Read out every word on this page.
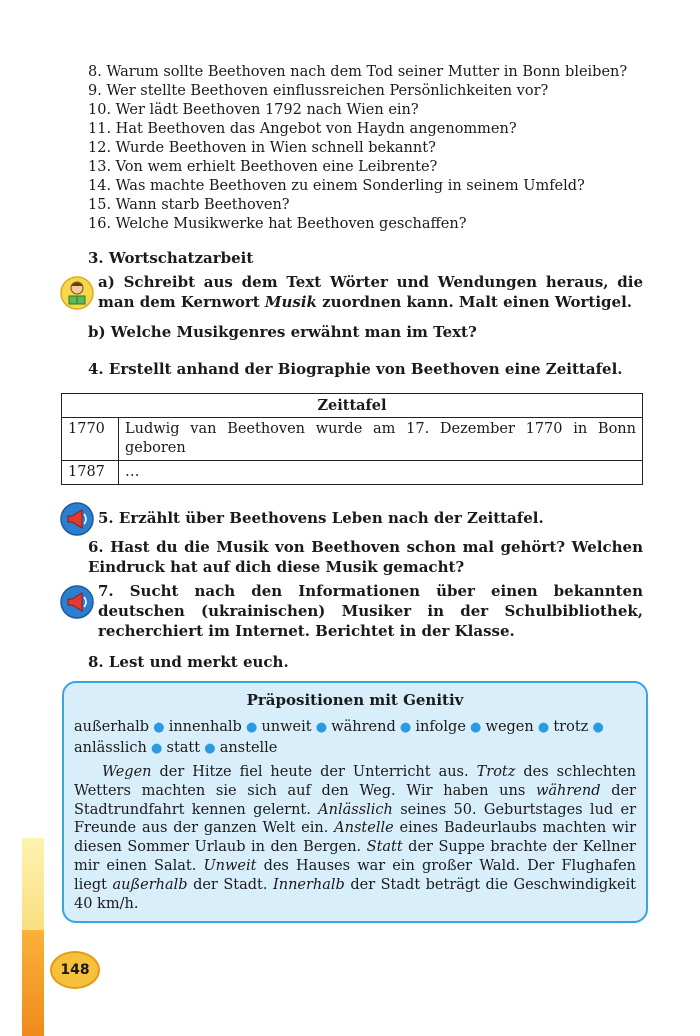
8. Warum sollte Beethoven nach dem Tod seiner Mutter in Bonn bleiben?
9. Wer stellte Beethoven einflussreichen Persönlichkeiten vor?
10. Wer lädt Beethoven 1792 nach Wien ein?
11. Hat Beethoven das Angebot von Haydn angenommen?
12. Wurde Beethoven in Wien schnell bekannt?
13. Von wem erhielt Beethoven eine Leibrente?
14. Was machte Beethoven zu einem Sonderling in seinem Umfeld?
15. Wann starb Beethoven?
16. Welche Musikwerke hat Beethoven geschaffen?
3. Wortschatzarbeit
a) Schreibt aus dem Text Wörter und Wendungen heraus, die man dem Kernwort Musik zuordnen kann. Malt einen Wortigel.
b) Welche Musikgenres erwähnt man im Text?
4. Erstellt anhand der Biographie von Beethoven eine Zeittafel.
Zeittafel	
1770	Ludwig van Beethoven wurde am 17. Dezember 1770 in Bonn geboren
1787	…
5. Erzählt über Beethovens Leben nach der Zeittafel.
6. Hast du die Musik von Beethoven schon mal gehört? Welchen Eindruck hat auf dich diese Musik gemacht?
7. Sucht nach den Informationen über einen bekannten deutschen (ukrainischen) Musiker in der Schulbibliothek, recherchiert im Internet. Berichtet in der Klasse.
8. Lest und merkt euch.
Präpositionen mit Genitiv
außerhalb ● innenhalb ● unweit ● während ● infolge ● wegen ● trotz ● anlässlich ● statt ● anstelle
Wegen der Hitze fiel heute der Unterricht aus. Trotz des schlechten Wetters machten sie sich auf den Weg. Wir haben uns während der Stadtrundfahrt kennen gelernt. Anlässlich seines 50. Geburtstages lud er Freunde aus der ganzen Welt ein. Anstelle eines Badeurlaubs machten wir diesen Sommer Urlaub in den Bergen. Statt der Suppe brachte der Kellner mir einen Salat. Unweit des Hauses war ein großer Wald. Der Flughafen liegt außerhalb der Stadt. Innerhalb der Stadt beträgt die Geschwindigkeit 40 km/h.
148
